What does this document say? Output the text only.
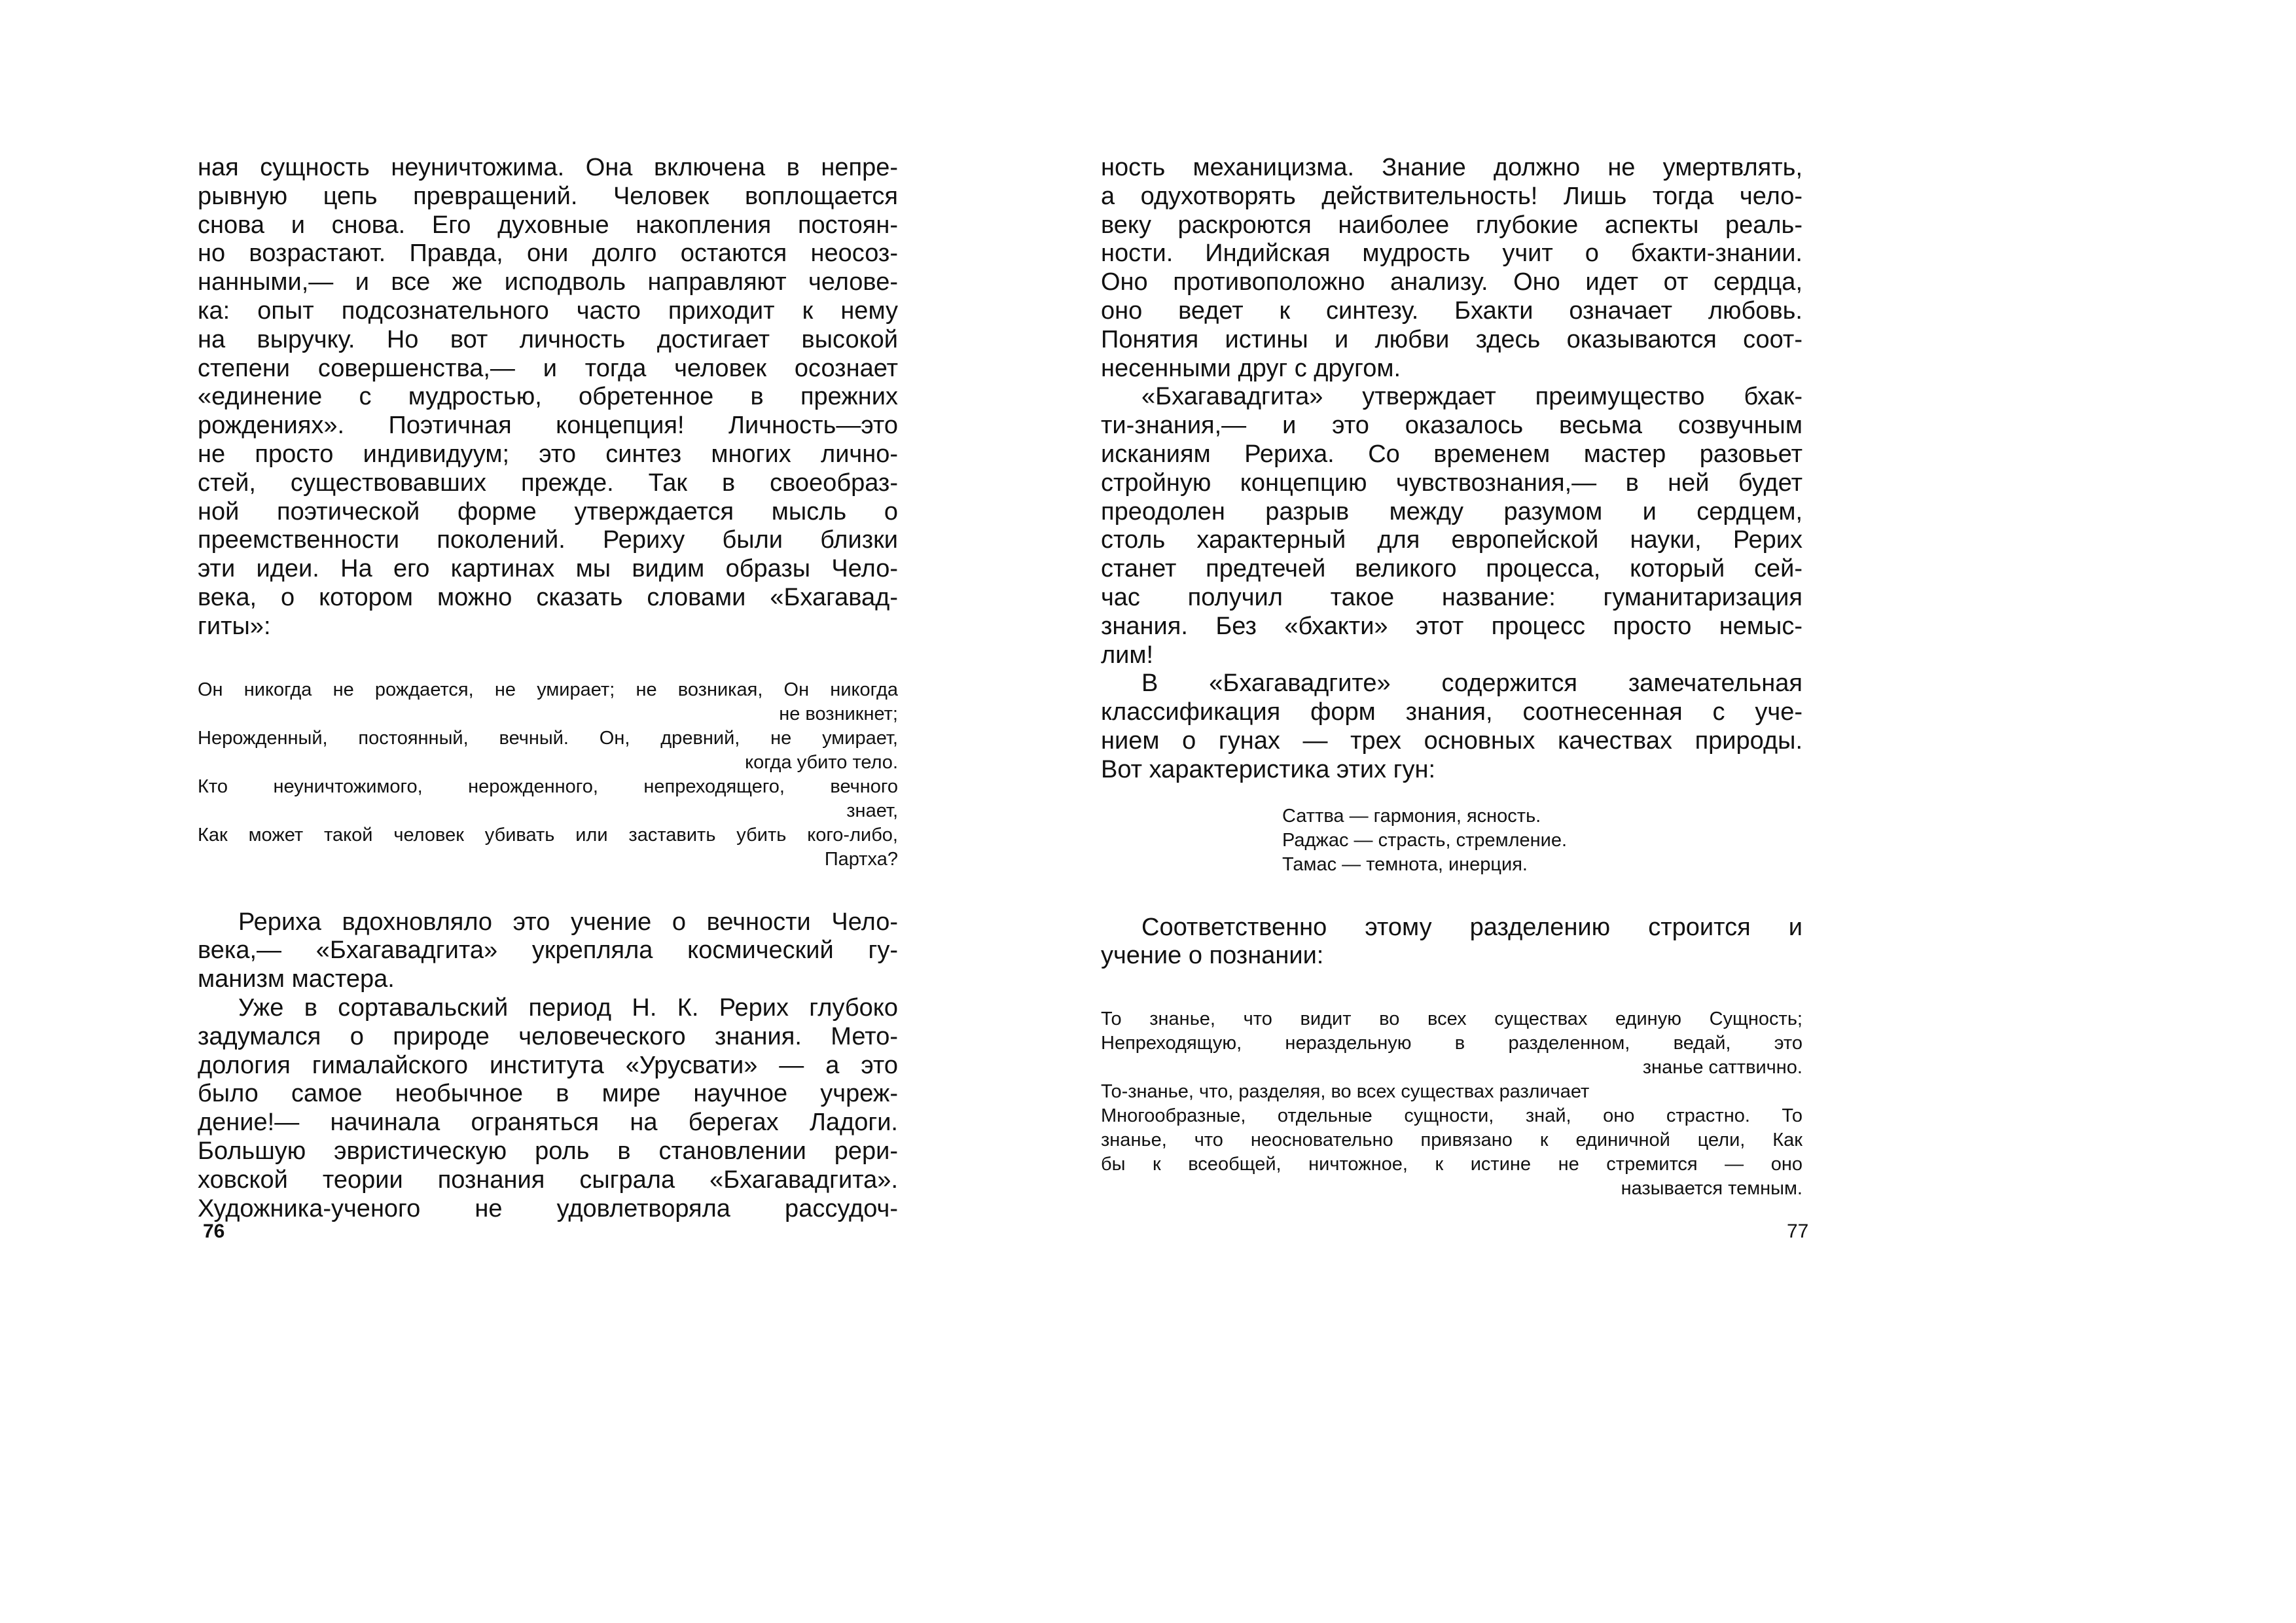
ная сущность неуничтожима. Она включена в непре-
рывную цепь превращений. Человек воплощается
снова и снова. Его духовные накопления постоян-
но возрастают. Правда, они долго остаются неосоз-
нанными,— и все же исподволь направляют челове-
ка: опыт подсознательного часто приходит к нему
на выручку. Но вот личность достигает высокой
степени совершенства,— и тогда человек осознает
«единение с мудростью, обретенное в прежних
рождениях». Поэтичная концепция! Личность—это
не просто индивидуум; это синтез многих лично-
стей, существовавших прежде. Так в своеобраз-
ной поэтической форме утверждается мысль о
преемственности поколений. Рериху были близки
эти идеи. На его картинах мы видим образы Чело-
века, о котором можно сказать словами «Бхагавад-
гиты»:
Он никогда не рождается, не умирает; не возникая, Он никогда
не возникнет;
Нерожденный, постоянный, вечный. Он, древний, не умирает,
когда убито тело.
Кто неуничтожимого, нерожденного, непреходящего, вечного
знает,
Как может такой человек убивать или заставить убить кого-либо,
Партха?
Рериха вдохновляло это учение о вечности Чело-
века,— «Бхагавадгита» укрепляла космический гу-
манизм мастера.
Уже в сортавальский период Н. К. Рерих глубоко
задумался о природе человеческого знания. Мето-
дология гималайского института «Урусвати» — а это
было самое необычное в мире научное учреж-
дение!— начинала ограняться на берегах Ладоги.
Большую эвристическую роль в становлении рери-
ховской теории познания сыграла «Бхагавадгита».
Художника-ученого не удовлетворяла рассудоч-
76
ность механицизма. Знание должно не умертвлять,
а одухотворять действительность! Лишь тогда чело-
веку раскроются наиболее глубокие аспекты реаль-
ности. Индийская мудрость учит о бхакти-знании.
Оно противоположно анализу. Оно идет от сердца,
оно ведет к синтезу. Бхакти означает любовь.
Понятия истины и любви здесь оказываются соот-
несенными друг с другом.
«Бхагавадгита» утверждает преимущество бхак-
ти-знания,— и это оказалось весьма созвучным
исканиям Рериха. Со временем мастер разовьет
стройную концепцию чувствознания,— в ней будет
преодолен разрыв между разумом и сердцем,
столь характерный для европейской науки, Рерих
станет предтечей великого процесса, который сей-
час получил такое название: гуманитаризация
знания. Без «бхакти» этот процесс просто немыс-
лим!
В «Бхагавадгите» содержится замечательная
классификация форм знания, соотнесенная с уче-
нием о гунах — трех основных качествах природы.
Вот характеристика этих гун:
Саттва — гармония, ясность.
Раджас — страсть, стремление.
Тамас — темнота, инерция.
Соответственно этому разделению строится и
учение о познании:
То знанье, что видит во всех существах единую Сущность;
Непреходящую, нераздельную в разделенном, ведай, это
знанье саттвично.
То-знанье, что, разделяя, во всех существах различает
Многообразные, отдельные сущности, знай, оно страстно. То
знанье, что неосновательно привязано к единичной цели, Как
бы к всеобщей, ничтожное, к истине не стремится — оно
называется темным.
77
